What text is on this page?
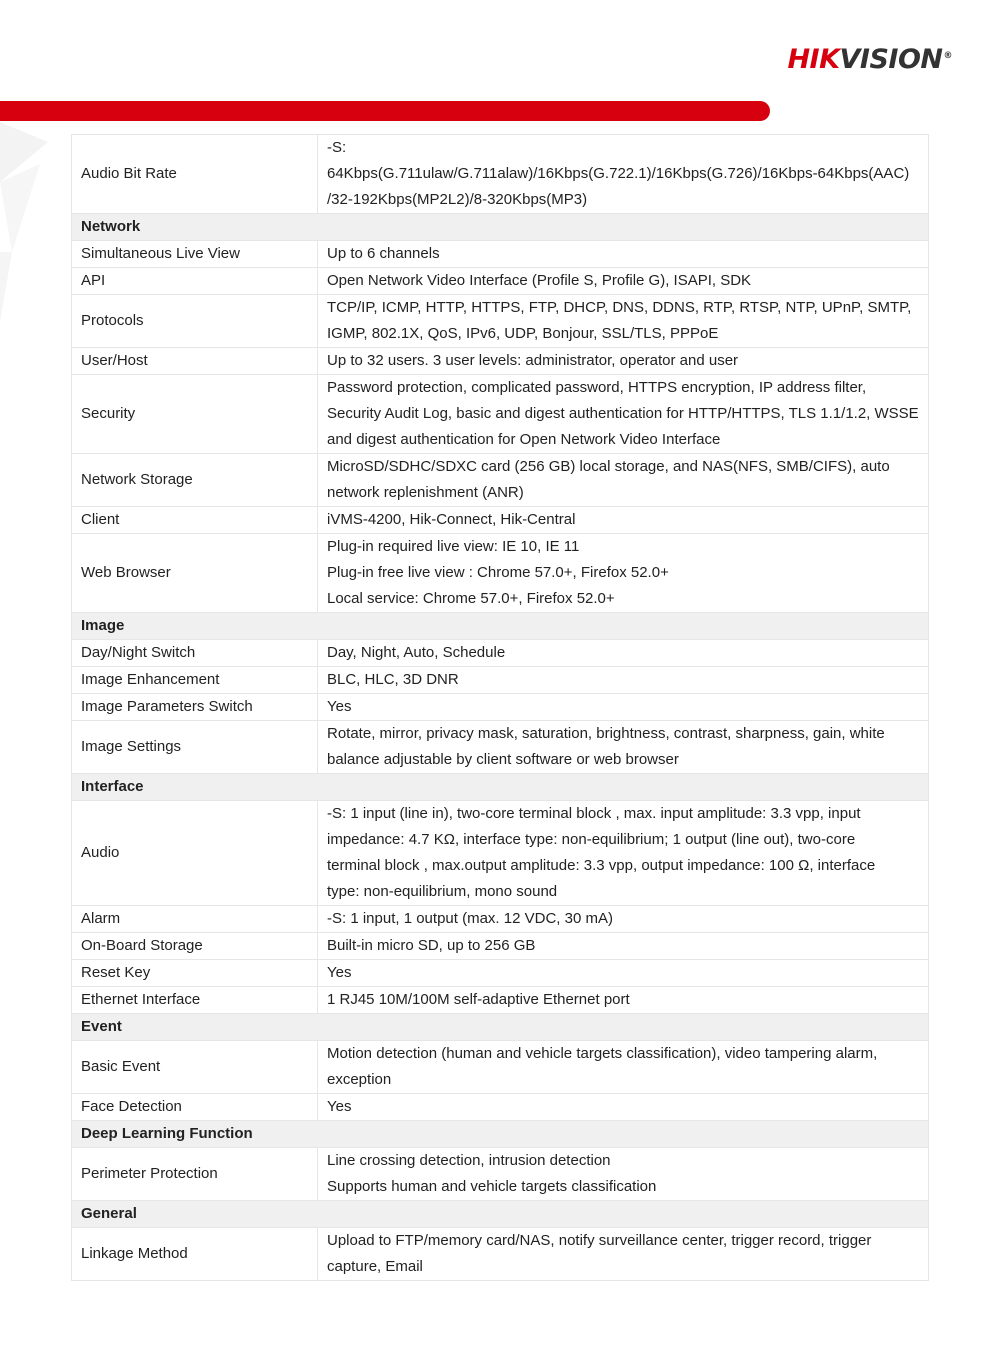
HIKVISION®
Audio Bit Rate	-S:
64Kbps(G.711ulaw/G.711alaw)/16Kbps(G.722.1)/16Kbps(G.726)/16Kbps-64Kbps(AAC)
/32-192Kbps(MP2L2)/8-320Kbps(MP3)

Network	
Simultaneous Live View	Up to 6 channels

API	Open Network Video Interface (Profile S, Profile G), ISAPI, SDK

Protocols	TCP/IP, ICMP, HTTP, HTTPS, FTP, DHCP, DNS, DDNS, RTP, RTSP, NTP, UPnP, SMTP,
IGMP, 802.1X, QoS, IPv6, UDP, Bonjour, SSL/TLS, PPPoE

User/Host	Up to 32 users. 3 user levels: administrator, operator and user

Security	Password protection, complicated password, HTTPS encryption, IP address filter,
Security Audit Log, basic and digest authentication for HTTP/HTTPS, TLS 1.1/1.2, WSSE
and digest authentication for Open Network Video Interface

Network Storage	MicroSD/SDHC/SDXC card (256 GB) local storage, and NAS(NFS, SMB/CIFS), auto
network replenishment (ANR)

Client	iVMS-4200, Hik-Connect, Hik-Central

Web Browser	Plug-in required live view: IE 10, IE 11
Plug-in free live view : Chrome 57.0+, Firefox 52.0+
Local service: Chrome 57.0+, Firefox 52.0+

Image	
Day/Night Switch	Day, Night, Auto, Schedule

Image Enhancement	BLC, HLC, 3D DNR

Image Parameters Switch	Yes

Image Settings	Rotate, mirror, privacy mask, saturation, brightness, contrast, sharpness, gain, white
balance adjustable by client software or web browser

Interface	
Audio	-S: 1 input (line in), two-core terminal block , max. input amplitude: 3.3 vpp, input
impedance: 4.7 KΩ, interface type: non-equilibrium; 1 output (line out), two-core
terminal block , max.output amplitude: 3.3 vpp, output impedance: 100 Ω, interface
type: non-equilibrium, mono sound

Alarm	-S: 1 input, 1 output (max. 12 VDC, 30 mA)

On-Board Storage	Built-in micro SD, up to 256 GB

Reset Key	Yes

Ethernet Interface	1 RJ45 10M/100M self-adaptive Ethernet port

Event	
Basic Event	Motion detection (human and vehicle targets classification), video tampering alarm,
exception

Face Detection	Yes

Deep Learning Function	
Perimeter Protection	Line crossing detection, intrusion detection
Supports human and vehicle targets classification

General	
Linkage Method	Upload to FTP/memory card/NAS, notify surveillance center, trigger record, trigger
capture, Email
